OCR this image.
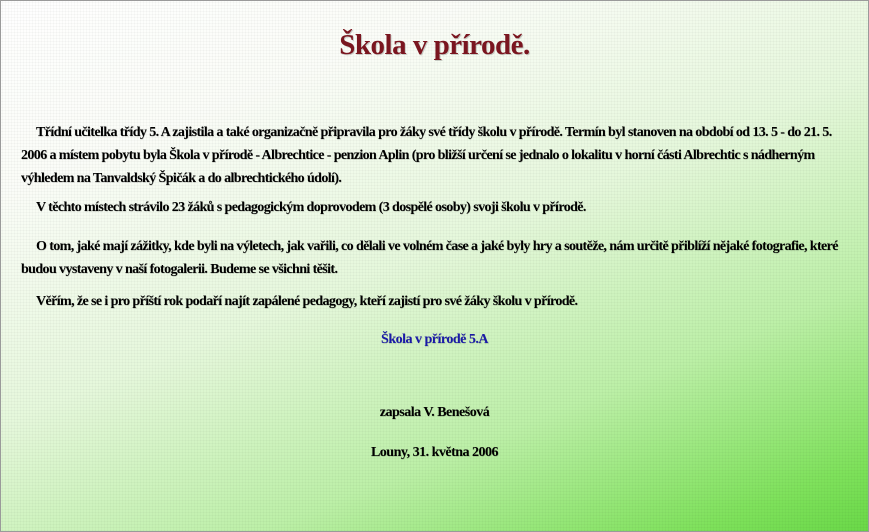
Škola v přírodě.
Třídní učitelka třídy 5. A zajistila a také organizačně připravila pro žáky své třídy školu v přírodě. Termín byl stanoven na období od 13. 5 - do 21. 5. 2006 a místem pobytu byla Škola v přírodě - Albrechtice - penzion Aplin (pro bližší určení se jednalo o lokalitu v horní části Albrechtic s nádherným výhledem na Tanvaldský Špičák a do albrechtického údolí).
V těchto místech strávilo 23 žáků s pedagogickým doprovodem (3 dospělé osoby) svoji školu v přírodě.
O tom, jaké mají zážitky, kde byli na výletech, jak vařili, co dělali ve volném čase a jaké byly hry a soutěže, nám určitě přiblíží nějaké fotografie, které budou vystaveny v naší fotogalerii. Budeme se všichni těšit.
Věřím, že se i pro příští rok podaří najít zapálené pedagogy, kteří zajistí pro své žáky školu v přírodě.
Škola v přírodě 5.A
zapsala V. Benešová
Louny, 31. května 2006
